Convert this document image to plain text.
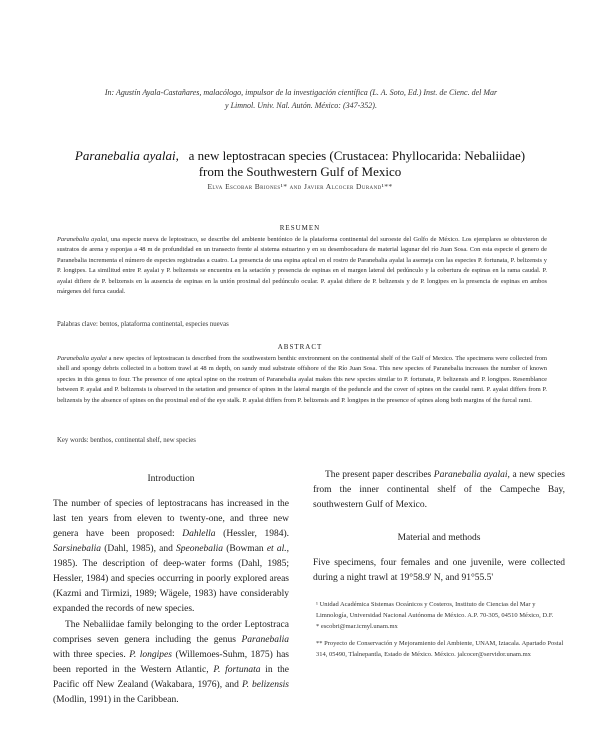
In: Agustín Ayala-Castañares, malacólogo, impulsor de la investigación científica (L. A. Soto, Ed.) Inst. de Cienc. del Mar
y Limnol. Univ. Nal. Autón. México: (347-352).
Paranebalia ayalai, a new leptostracan species (Crustacea: Phyllocarida: Nebaliidae)
from the Southwestern Gulf of Mexico
Elva Escobar Briones¹* and Javier Alcocer Durand¹**
RESUMEN
Paranebalia ayalai, una especie nueva de leptostraco, se describe del ambiente bentónico de la plataforma continental del suroeste del Golfo de México. Los ejemplares se obtuvieron de sustratos de arena y esponjas a 48 m de profundidad en un transecto frente al sistema estuarino y en su desembocadura de material lagunar del río Juan Sosa. Con esta especie el genero de Paranebalia incrementa el número de especies registradas a cuatro. La presencia de una espina apical en el rostro de Paranebalia ayalai la asemeja con las especies P. fortunata, P. belizensis y P. longipes. La similitud entre P. ayalai y P. belizensis se encuentra en la setación y presencia de espinas en el margen lateral del pedúnculo y la cobertura de espinas en la rama caudal. P. ayalai difiere de P. belizensis en la ausencia de espinas en la unión proximal del pedúnculo ocular. P. ayalai difiere de P. belizensis y de P. longipes en la presencia de espinas en ambos márgenes del furca caudal.
Palabras clave: bentos, plataforma continental, especies nuevas
ABSTRACT
Paranebalia ayalai a new species of leptostracan is described from the southwestern benthic environment on the continental shelf of the Gulf of Mexico. The specimens were collected from shell and spongy debris collected in a bottom trawl at 48 m depth, on sandy mud substrate offshore of the Río Juan Sosa. This new species of Paranebalia increases the number of known species in this genus to four. The presence of one apical spine on the rostrum of Paranebalia ayalai makes this new species similar to P. fortunata, P. belizensis and P. longipes. Resemblance between P. ayalai and P. belizensis is observed in the setation and presence of spines in the lateral margin of the peduncle and the cover of spines on the caudal rami. P. ayalai differs from P. belizensis by the absence of spines on the proximal end of the eye stalk. P. ayalai differs from P. belizensis and P. longipes in the presence of spines along both margins of the furcal rami.
Key words: benthos, continental shelf, new species
Introduction

The number of species of leptostracans has increased in the last ten years from eleven to twenty-one, and three new genera have been proposed: Dahlella (Hessler, 1984). Sarsinebalia (Dahl, 1985), and Speonebalia (Bowman et al., 1985). The description of deep-water forms (Dahl, 1985; Hessler, 1984) and species occurring in poorly explored areas (Kazmi and Tirmizi, 1989; Wägele, 1983) have considerably expanded the records of new species.

The Nebaliidae family belonging to the order Leptostraca comprises seven genera including the genus Paranebalia with three species. P. longipes (Willemoes-Suhm, 1875) has been reported in the Western Atlantic, P. fortunata in the Pacific off New Zealand (Wakabara, 1976), and P. belizensis (Modlin, 1991) in the Caribbean.

The present paper describes Paranebalia ayalai, a new species from the inner continental shelf of the Campeche Bay, southwestern Gulf of Mexico.

Material and methods
Five specimens, four females and one juvenile, were collected during a night trawl at 19°58.9' N, and 91°55.5'

¹ Unidad Académica Sistemas Oceánicos y Costeros, Instituto de Ciencias del Mar y Limnología, Universidad Nacional Autónoma de México. A.P. 70-305, 04510 México, D.F.
* escobri@mar.icmyl.unam.mx

** Proyecto de Conservación y Mejoramiento del Ambiente, UNAM, Iztacala. Apartado Postal 314, 05490, Tlalnepantla, Estado de México. México. jalcocer@servidor.unam.mx
